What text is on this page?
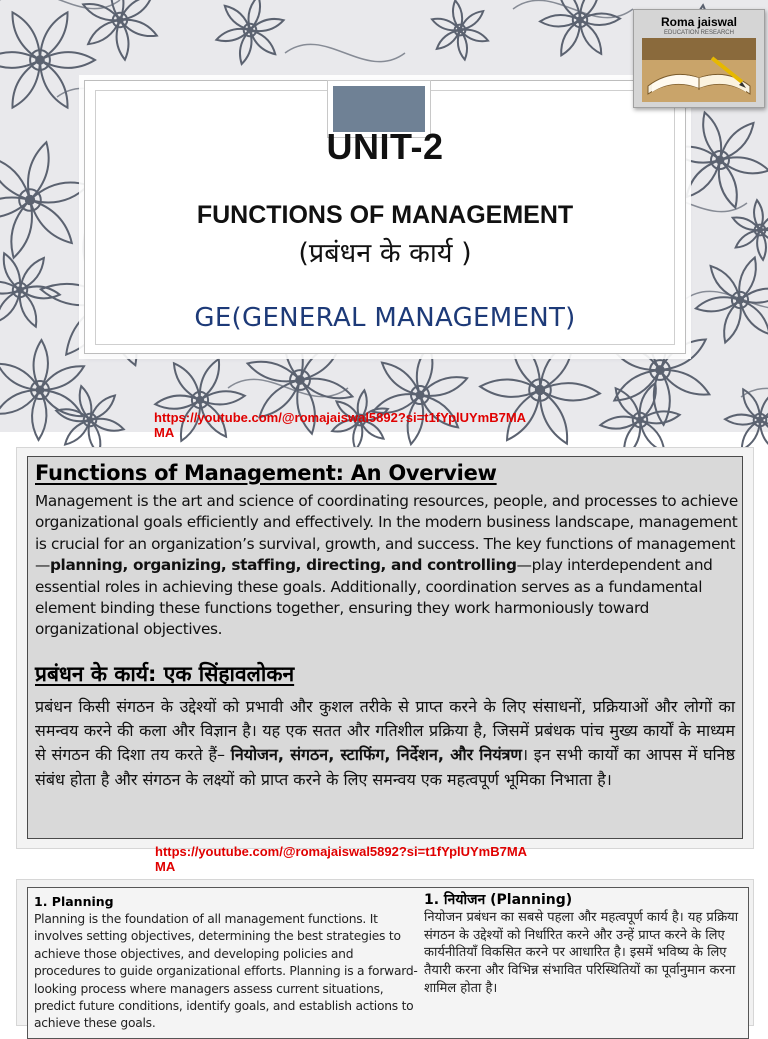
UNIT-2
FUNCTIONS OF MANAGEMENT
(प्रबंधन के कार्य )
GE(GENERAL MANAGEMENT)
Roma jaiswal
EDUCATION RESEARCH
https://youtube.com/@romajaiswal5892?si=t1fYplUYmB7MA
MA
Functions of Management: An Overview
Management is the art and science of coordinating resources, people, and processes to achieve organizational goals efficiently and effectively. In the modern business landscape, management is crucial for an organization’s survival, growth, and success. The key functions of management—planning, organizing, staffing, directing, and controlling—play interdependent and essential roles in achieving these goals. Additionally, coordination serves as a fundamental element binding these functions together, ensuring they work harmoniously toward organizational objectives.
प्रबंधन के कार्य: एक सिंहावलोकन
प्रबंधन किसी संगठन के उद्देश्यों को प्रभावी और कुशल तरीके से प्राप्त करने के लिए संसाधनों, प्रक्रियाओं और लोगों का समन्वय करने की कला और विज्ञान है। यह एक सतत और गतिशील प्रक्रिया है, जिसमें प्रबंधक पांच मुख्य कार्यों के माध्यम से संगठन की दिशा तय करते हैं– नियोजन, संगठन, स्टाफिंग, निर्देशन, और नियंत्रण। इन सभी कार्यों का आपस में घनिष्ठ संबंध होता है और संगठन के लक्ष्यों को प्राप्त करने के लिए समन्वय एक महत्वपूर्ण भूमिका निभाता है।
https://youtube.com/@romajaiswal5892?si=t1fYplUYmB7MA
MA
1. Planning
Planning is the foundation of all management functions. It involves setting objectives, determining the best strategies to achieve those objectives, and developing policies and procedures to guide organizational efforts. Planning is a forward-looking process where managers assess current situations, predict future conditions, identify goals, and establish actions to achieve these goals.
1. नियोजन (Planning)
नियोजन प्रबंधन का सबसे पहला और महत्वपूर्ण कार्य है। यह प्रक्रिया संगठन के उद्देश्यों को निर्धारित करने और उन्हें प्राप्त करने के लिए कार्यनीतियाँ विकसित करने पर आधारित है। इसमें भविष्य के लिए तैयारी करना और विभिन्न संभावित परिस्थितियों का पूर्वानुमान करना शामिल होता है।
